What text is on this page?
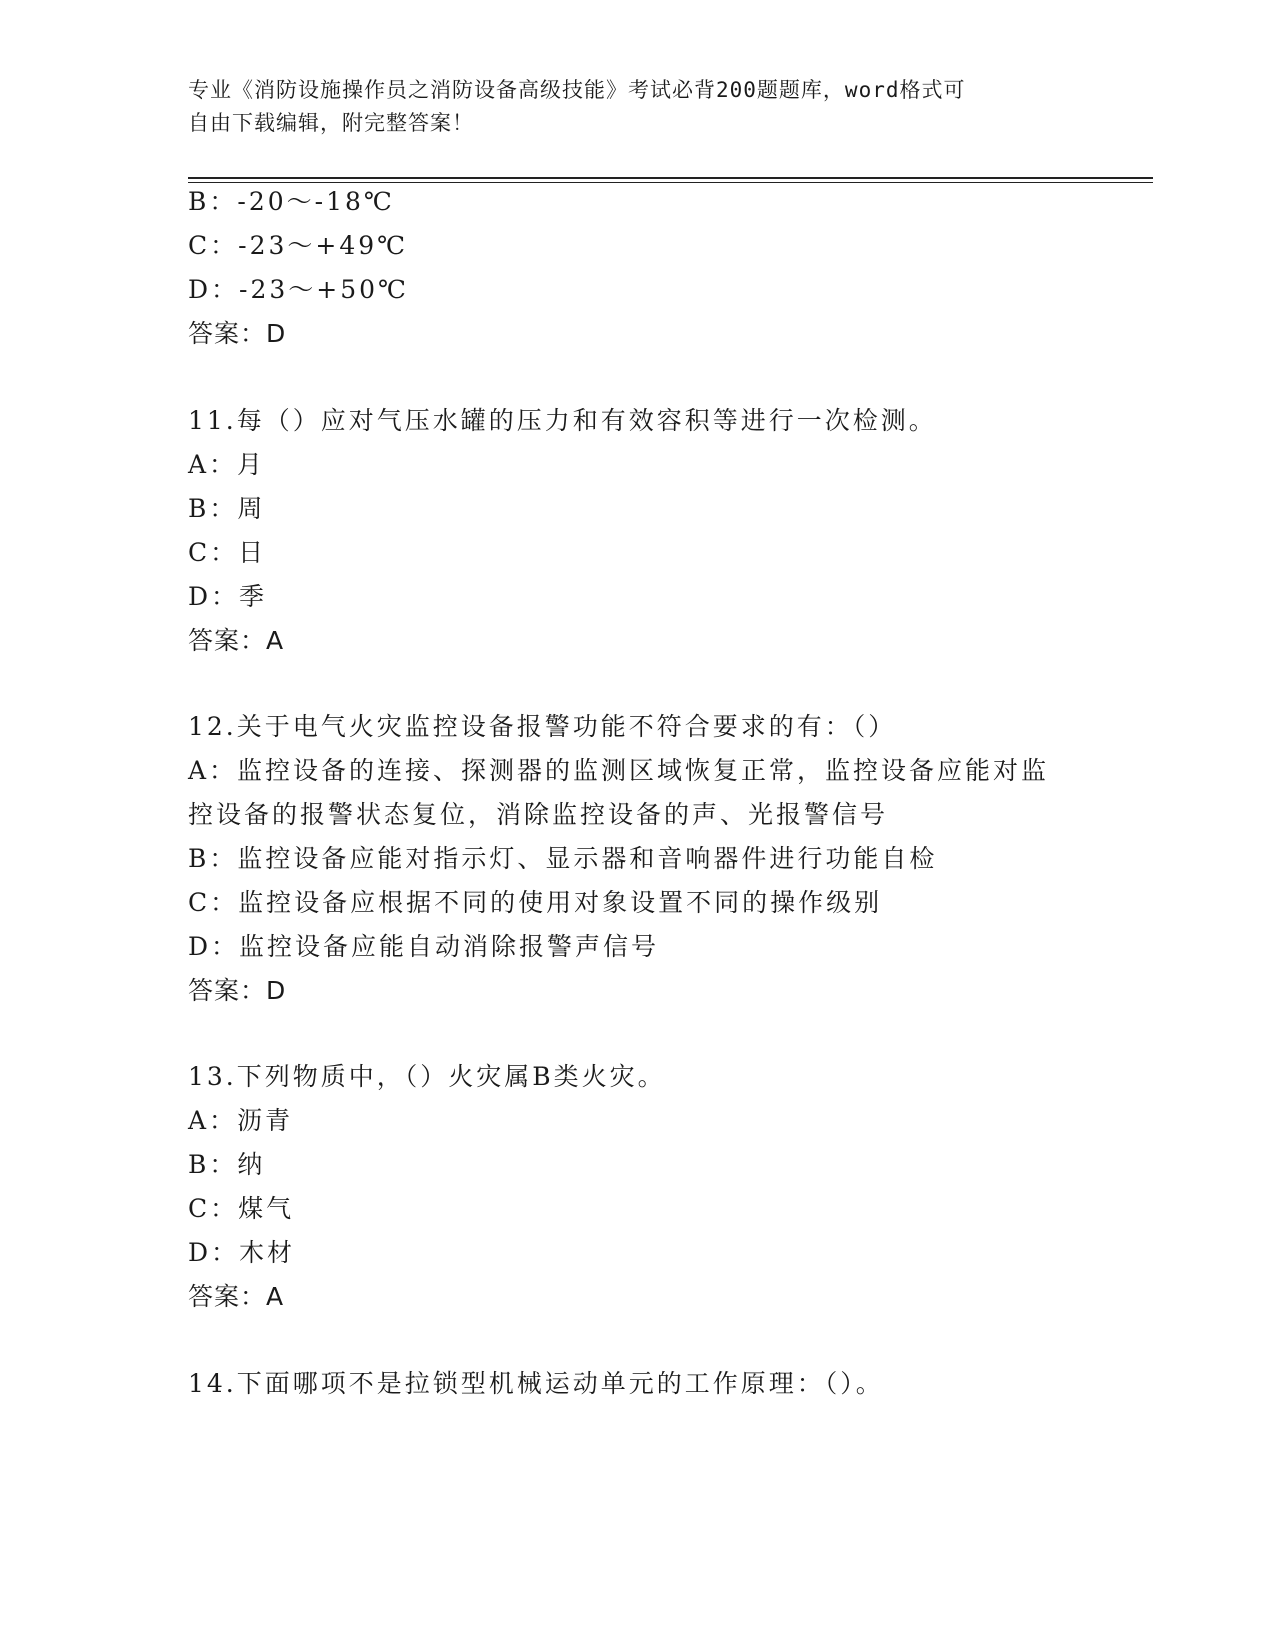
专业《消防设施操作员之消防设备高级技能》考试必背200题题库，word格式可
自由下载编辑，附完整答案！
B：-20～-18℃
C：-23～+49℃
D：-23～+50℃
答案：D
11.每（）应对气压水罐的压力和有效容积等进行一次检测。
A：月
B：周
C：日
D：季
答案：A
12.关于电气火灾监控设备报警功能不符合要求的有：（）
A：监控设备的连接、探测器的监测区域恢复正常，监控设备应能对监
控设备的报警状态复位，消除监控设备的声、光报警信号
B：监控设备应能对指示灯、显示器和音响器件进行功能自检
C：监控设备应根据不同的使用对象设置不同的操作级别
D：监控设备应能自动消除报警声信号
答案：D
13.下列物质中，（）火灾属B类火灾。
A：沥青
B：纳
C：煤气
D：木材
答案：A
14.下面哪项不是拉锁型机械运动单元的工作原理：（）。
